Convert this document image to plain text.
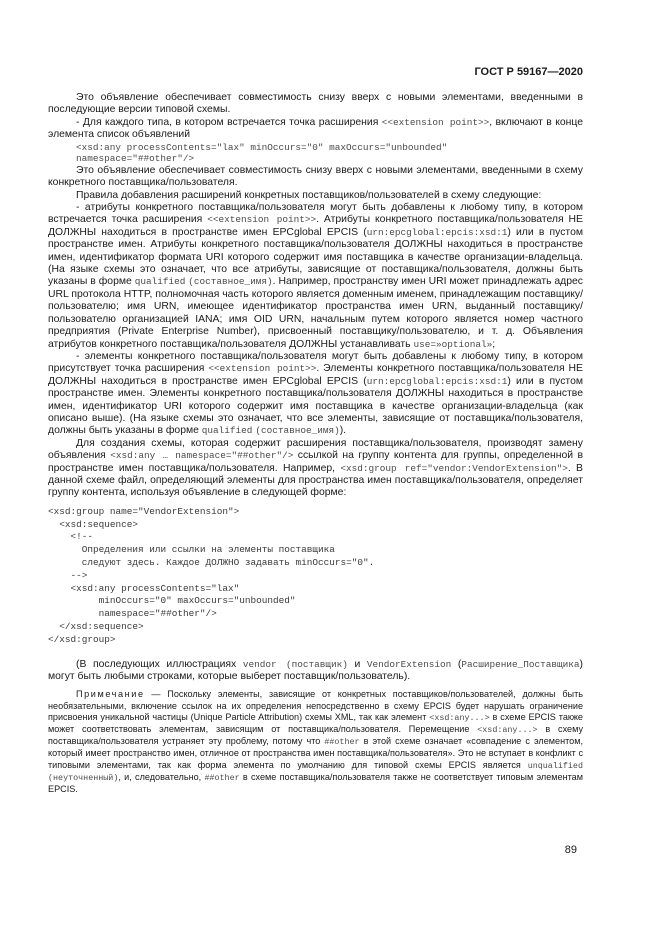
ГОСТ Р 59167—2020

Это объявление обеспечивает совместимость снизу вверх с новыми элементами, введенными в последующие версии типовой схемы.

- Для каждого типа, в котором встречается точка расширения <<extension point>>, включают в конце элемента список объявлений

<xsd:any processContents="lax" minOccurs="0" maxOccurs="unbounded"
namespace="##other"/>

Это объявление обеспечивает совместимость снизу вверх с новыми элементами, введенными в схему конкретного поставщика/пользователя.

Правила добавления расширений конкретных поставщиков/пользователей в схему следующие:

- атрибуты конкретного поставщика/пользователя могут быть добавлены к любому типу, в котором встречается точка расширения <<extension point>>. Атрибуты конкретного поставщика/пользователя НЕ ДОЛЖНЫ находиться в пространстве имен EPCglobal EPCIS (urn:epcglobal:epcis:xsd:1) или в пустом пространстве имен. Атрибуты конкретного поставщика/пользователя ДОЛЖНЫ находиться в пространстве имен, идентификатор формата URI которого содержит имя поставщика в качестве организации-владельца. (На языке схемы это означает, что все атрибуты, зависящие от поставщика/пользователя, должны быть указаны в форме qualified (составное_имя). Например, пространству имен URI может принадлежать адрес URL протокола HTTP, полномочная часть которого является доменным именем, принадлежащим поставщику/пользователю; имя URN, имеющее идентификатор пространства имен URN, выданный поставщику/пользователю организацией IANA; имя OID URN, начальным путем которого является номер частного предприятия (Private Enterprise Number), присвоенный поставщику/пользователю, и т. д. Объявления атрибутов конкретного поставщика/пользователя ДОЛЖНЫ устанавливать use=»optional»;

- элементы конкретного поставщика/пользователя могут быть добавлены к любому типу, в котором присутствует точка расширения <<extension point>>. Элементы конкретного поставщика/пользователя НЕ ДОЛЖНЫ находиться в пространстве имен EPCglobal EPCIS (urn:epcglobal:epcis:xsd:1) или в пустом пространстве имен. Элементы конкретного поставщика/пользователя ДОЛЖНЫ находиться в пространстве имен, идентификатор URI которого содержит имя поставщика в качестве организации-владельца (как описано выше). (На языке схемы это означает, что все элементы, зависящие от поставщика/пользователя, должны быть указаны в форме qualified (составное_имя)).

Для создания схемы, которая содержит расширения поставщика/пользователя, производят замену объявления <xsd:any … namespace="##other"/> ссылкой на группу контента для группы, определенной в пространстве имен поставщика/пользователя. Например, <xsd:group ref="vendor:VendorExtension">. В данной схеме файл, определяющий элементы для пространства имен поставщика/пользователя, определяет группу контента, используя объявление в следующей форме:

<xsd:group name="VendorExtension">
<xsd:sequence>
<!--
Определения или ссылки на элементы поставщика
следуют здесь. Каждое ДОЛЖНО задавать minOccurs="0".
-->
<xsd:any processContents="lax"
minOccurs="0" maxOccurs="unbounded"
namespace="##other"/>
</xsd:sequence>
</xsd:group>

(В последующих иллюстрациях vendor (поставщик) и VendorExtension (Расширение_Поставщика) могут быть любыми строками, которые выберет поставщик/пользователь).

Примечание — Поскольку элементы, зависящие от конкретных поставщиков/пользователей, должны быть необязательными, включение ссылок на их определения непосредственно в схему EPCIS будет нарушать ограничение присвоения уникальной частицы (Unique Particle Attribution) схемы XML, так как элемент <xsd:any...> в схеме EPCIS также может соответствовать элементам, зависящим от поставщика/пользователя. Перемещение <xsd:any...> в схему поставщика/пользователя устраняет эту проблему, потому что ##other в этой схеме означает «совпадение с элементом, который имеет пространство имен, отличное от пространства имен поставщика/пользователя». Это не вступает в конфликт с типовыми элементами, так как форма элемента по умолчанию для типовой схемы EPCIS является unqualified (неуточненный), и, следовательно, ##other в схеме поставщика/пользователя также не соответствует типовым элементам EPCIS.

89
